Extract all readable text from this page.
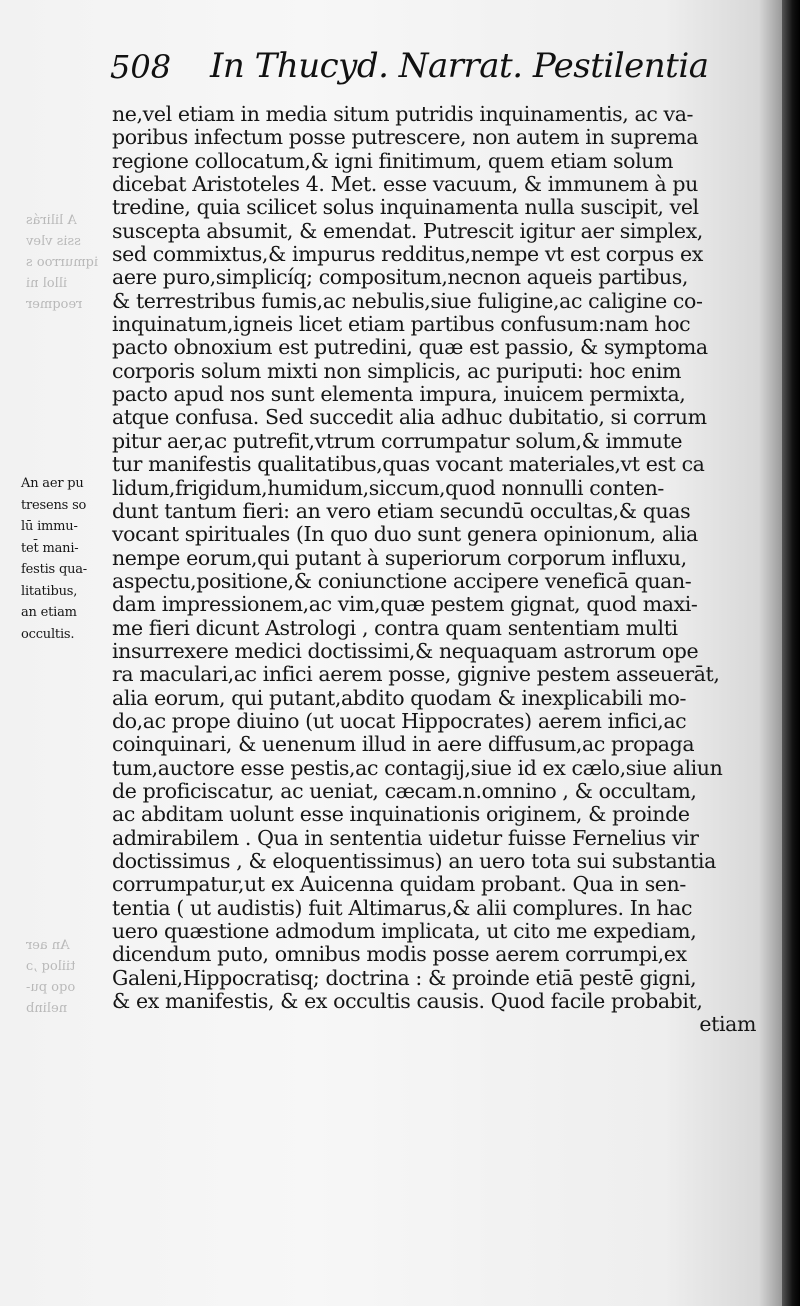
508 In Thucyd. Narrat. Pestilentia
A lilirás
ssis vlev
iqmurroo s
illol ni
reoqmer
An aer
tiiloq ,ɔ
oqo pu-
nelinb
An aer pu
tresens so
lū immu-
tet̄ mani-
festis qua-
litatibus,
an etiam
occultis.
ne,vel etiam in media situm putridis inquinamentis, ac va-
poribus infectum posse putrescere, non autem in suprema
regione collocatum,& igni finitimum, quem etiam solum
dicebat Aristoteles 4. Met. esse vacuum, & immunem à pu
tredine, quia scilicet solus inquinamenta nulla suscipit, vel
suscepta absumit, & emendat. Putrescit igitur aer simplex,
sed commixtus,& impurus redditus,nempe vt est corpus ex
aere puro,simplicíq; compositum,necnon aqueis partibus,
& terrestribus fumis,ac nebulis,siue fuligine,ac caligine co-
inquinatum,igneis licet etiam partibus confusum:nam hoc
pacto obnoxium est putredini, quæ est passio, & symptoma
corporis solum mixti non simplicis, ac puriputi: hoc enim
pacto apud nos sunt elementa impura, inuicem permixta,
atque confusa. Sed succedit alia adhuc dubitatio, si corrum
pitur aer,ac putrefit,vtrum corrumpatur solum,& immute
tur manifestis qualitatibus,quas vocant materiales,vt est ca
lidum,frigidum,humidum,siccum,quod nonnulli conten-
dunt tantum fieri: an vero etiam secundū occultas,& quas
vocant spirituales (In quo duo sunt genera opinionum, alia
nempe eorum,qui putant à superiorum corporum influxu,
aspectu,positione,& coniunctione accipere veneficā quan-
dam impressionem,ac vim,quæ pestem gignat, quod maxi-
me fieri dicunt Astrologi , contra quam sententiam multi
insurrexere medici doctissimi,& nequaquam astrorum ope
ra maculari,ac infici aerem posse, gignive pestem asseuerāt,
alia eorum, qui putant,abdito quodam & inexplicabili mo-
do,ac prope diuino (ut uocat Hippocrates) aerem infici,ac
coinquinari, & uenenum illud in aere diffusum,ac propaga
tum,auctore esse pestis,ac contagij,siue id ex cælo,siue aliun
de proficiscatur, ac ueniat, cæcam.n.omnino , & occultam,
ac abditam uolunt esse inquinationis originem, & proinde
admirabilem . Qua in sententia uidetur fuisse Fernelius vir
doctissimus , & eloquentissimus) an uero tota sui substantia
corrumpatur,ut ex Auicenna quidam probant. Qua in sen-
tentia ( ut audistis) fuit Altimarus,& alii complures. In hac
uero quæstione admodum implicata, ut cito me expediam,
dicendum puto, omnibus modis posse aerem corrumpi,ex
Galeni,Hippocratisq; doctrina : & proinde etiā pestē gigni,
& ex manifestis, & ex occultis causis. Quod facile probabit,
etiam
